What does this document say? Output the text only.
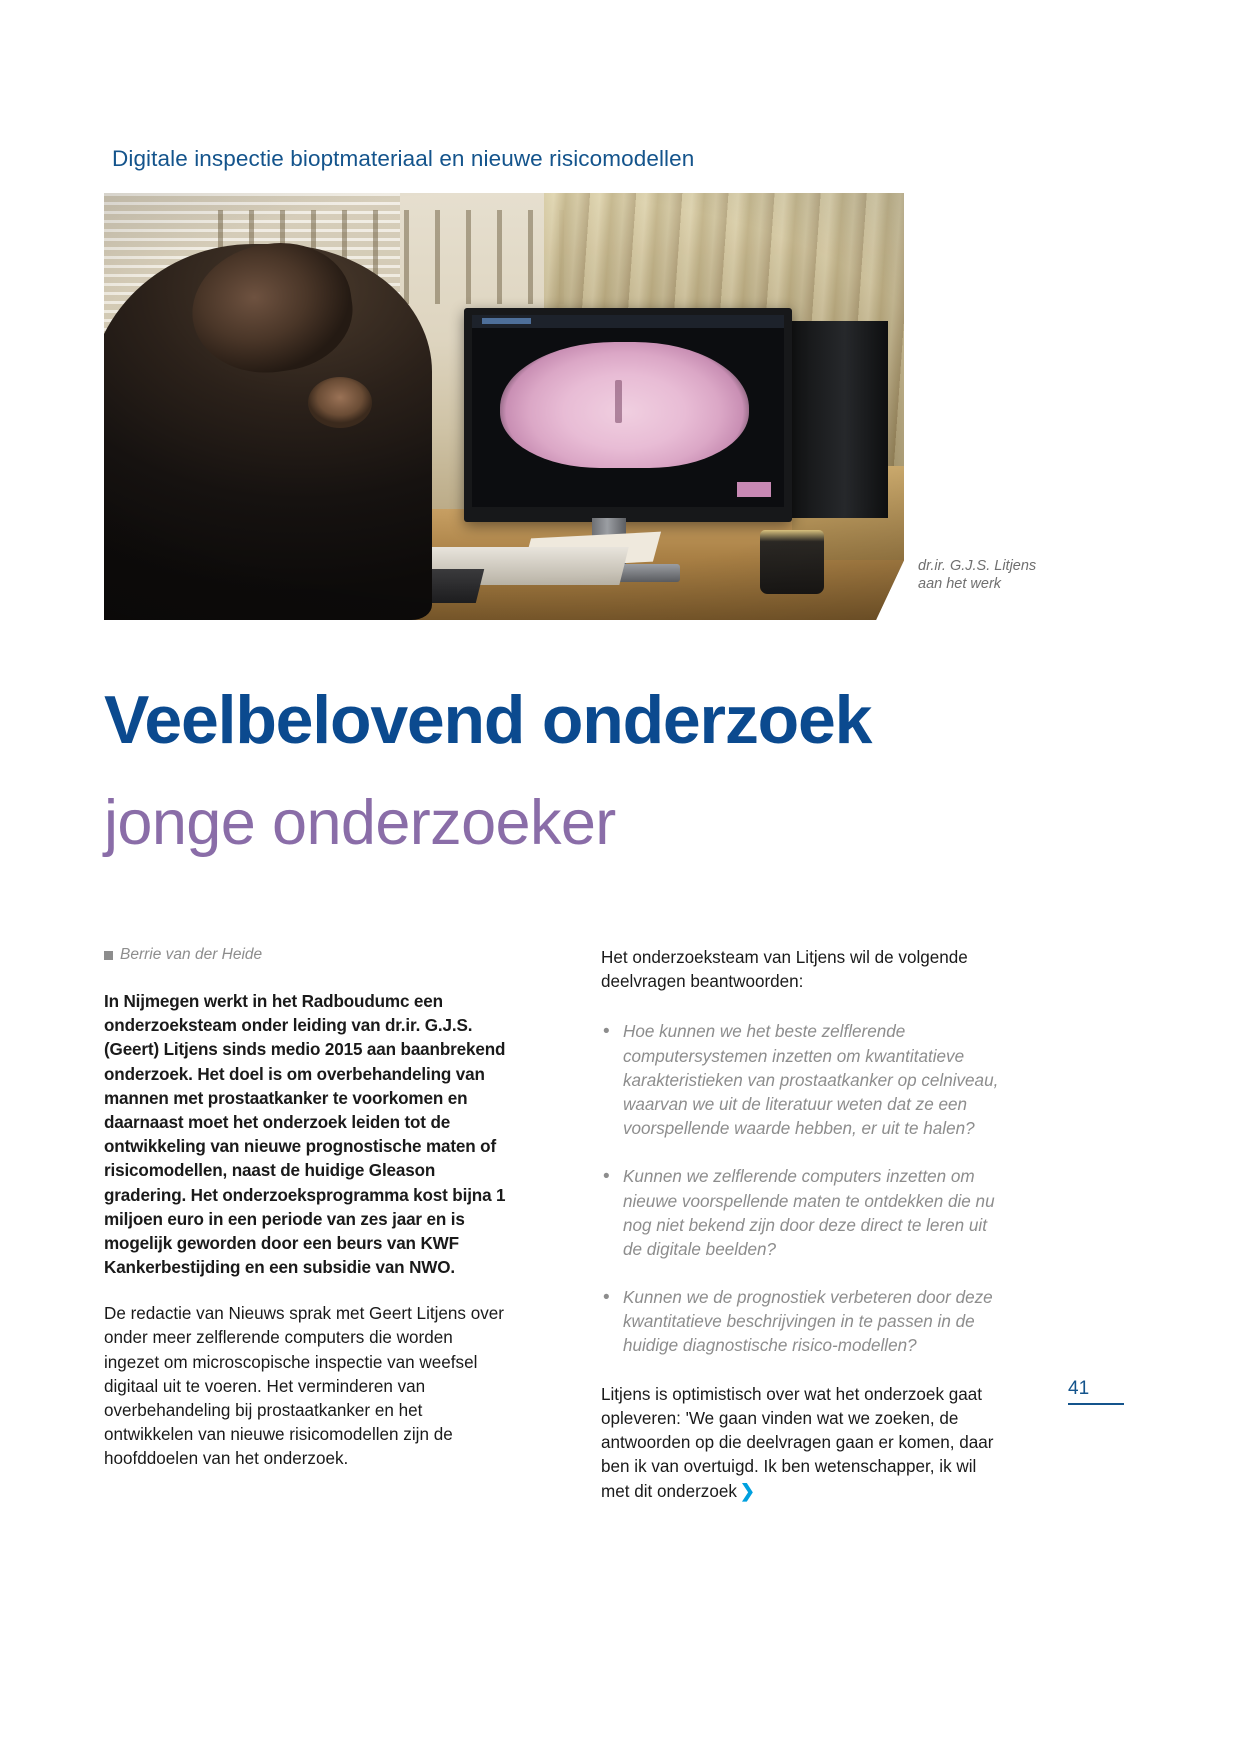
Digitale inspectie bioptmateriaal en nieuwe risicomodellen
dr.ir. G.J.S. Litjens
aan het werk
Veelbelovend onderzoek
jonge onderzoeker
Berrie van der Heide

In Nijmegen werkt in het Radboudumc een onderzoeksteam onder leiding van dr.ir. G.J.S. (Geert) Litjens sinds medio 2015 aan baanbrekend onderzoek. Het doel is om overbehandeling van mannen met prostaatkanker te voorkomen en daarnaast moet het onderzoek leiden tot de ontwikkeling van nieuwe prognostische maten of risicomodellen, naast de huidige Gleason gradering. Het onderzoeksprogramma kost bijna 1 miljoen euro in een periode van zes jaar en is mogelijk geworden door een beurs van KWF Kankerbestijding en een subsidie van NWO.

De redactie van Nieuws sprak met Geert Litjens over onder meer zelflerende computers die worden ingezet om microscopische inspectie van weefsel digitaal uit te voeren. Het verminderen van overbehandeling bij prostaatkanker en het ontwikkelen van nieuwe risicomodellen zijn de hoofddoelen van het onderzoek.

Het onderzoeksteam van Litjens wil de volgende deelvragen beantwoorden:

• Hoe kunnen we het beste zelflerende computersystemen inzetten om kwantitatieve karakteristieken van prostaatkanker op celniveau, waarvan we uit de literatuur weten dat ze een voorspellende waarde hebben, er uit te halen?
• Kunnen we zelflerende computers inzetten om nieuwe voorspellende maten te ontdekken die nu nog niet bekend zijn door deze direct te leren uit de digitale beelden?
• Kunnen we de prognostiek verbeteren door deze kwantitatieve beschrijvingen in te passen in de huidige diagnostische risico-modellen?

Litjens is optimistisch over wat het onderzoek gaat opleveren: 'We gaan vinden wat we zoeken, de antwoorden op die deelvragen gaan er komen, daar ben ik van overtuigd. Ik ben wetenschapper, ik wil met dit onderzoek ❯

41
